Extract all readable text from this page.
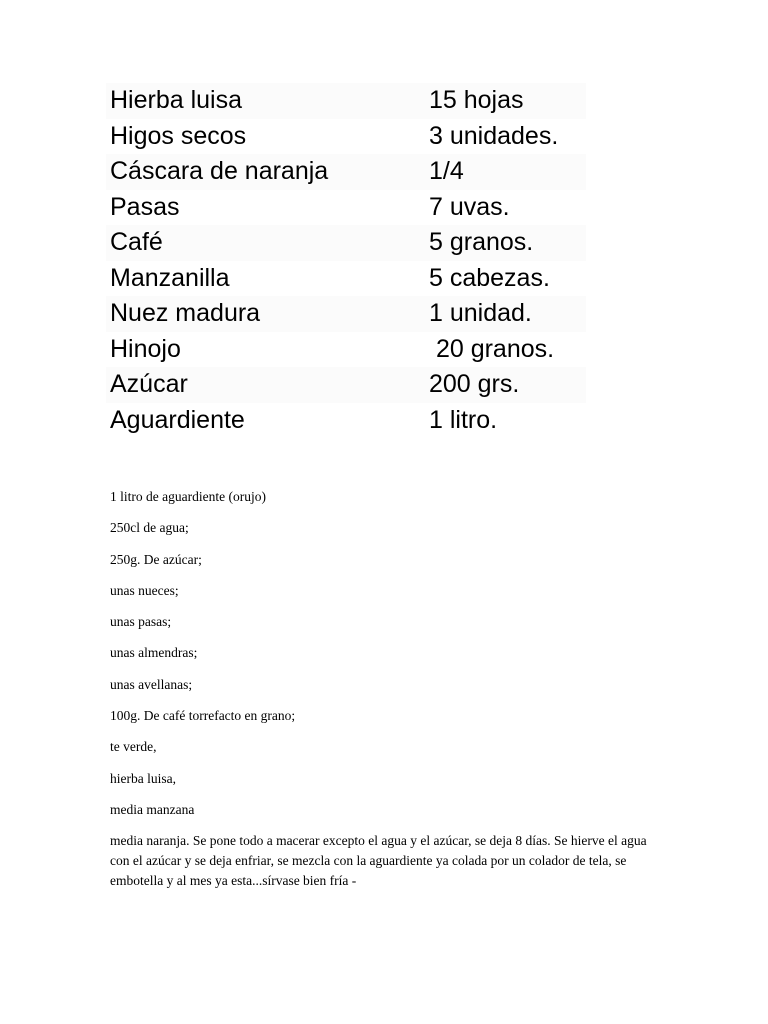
Hierba luisa	15 hojas
Higos secos	3 unidades.
Cáscara de naranja	1/4
Pasas	7 uvas.
Café	5 granos.
Manzanilla	5 cabezas.
Nuez madura	1 unidad.
Hinojo	20 granos.
Azúcar	200 grs.
Aguardiente	1 litro.

1 litro de aguardiente (orujo)

250cl de agua;

250g. De azúcar;

unas nueces;

unas pasas;

unas almendras;

unas avellanas;

100g. De café torrefacto en grano;

te verde,

hierba luisa,

media manzana

media naranja. Se pone todo a macerar excepto el agua y el azúcar, se deja 8 días. Se hierve el agua con el azúcar y se deja enfriar, se mezcla con la aguardiente ya colada por un colador de tela, se embotella y al mes ya esta...sírvase bien fría -
